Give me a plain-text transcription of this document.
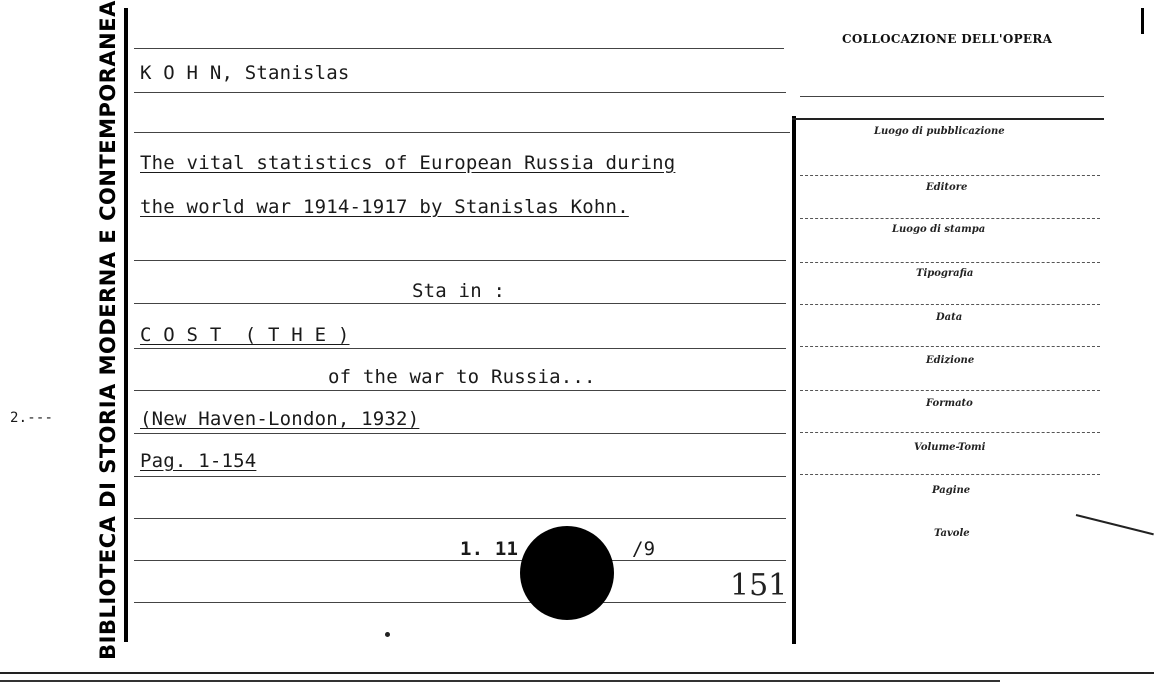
BIBLIOTECA DI STORIA MODERNA E CONTEMPORANEA K O H N, Stanislas
The vital statistics of European Russia during
the world war 1914-1917 by Stanislas Kohn.
Sta in :
C O S T  ( T H E )
of the war to Russia...
(New Haven-London, 1932)
Pag. 1-154
1. 11	/9
151
2.---
COLLOCAZIONE DELL'OPERA
Luogo di pubblicazione
Editore
Luogo di stampa
Tipografia
Data
Edizione
Formato
Volume-Tomi
Pagine
Tavole
